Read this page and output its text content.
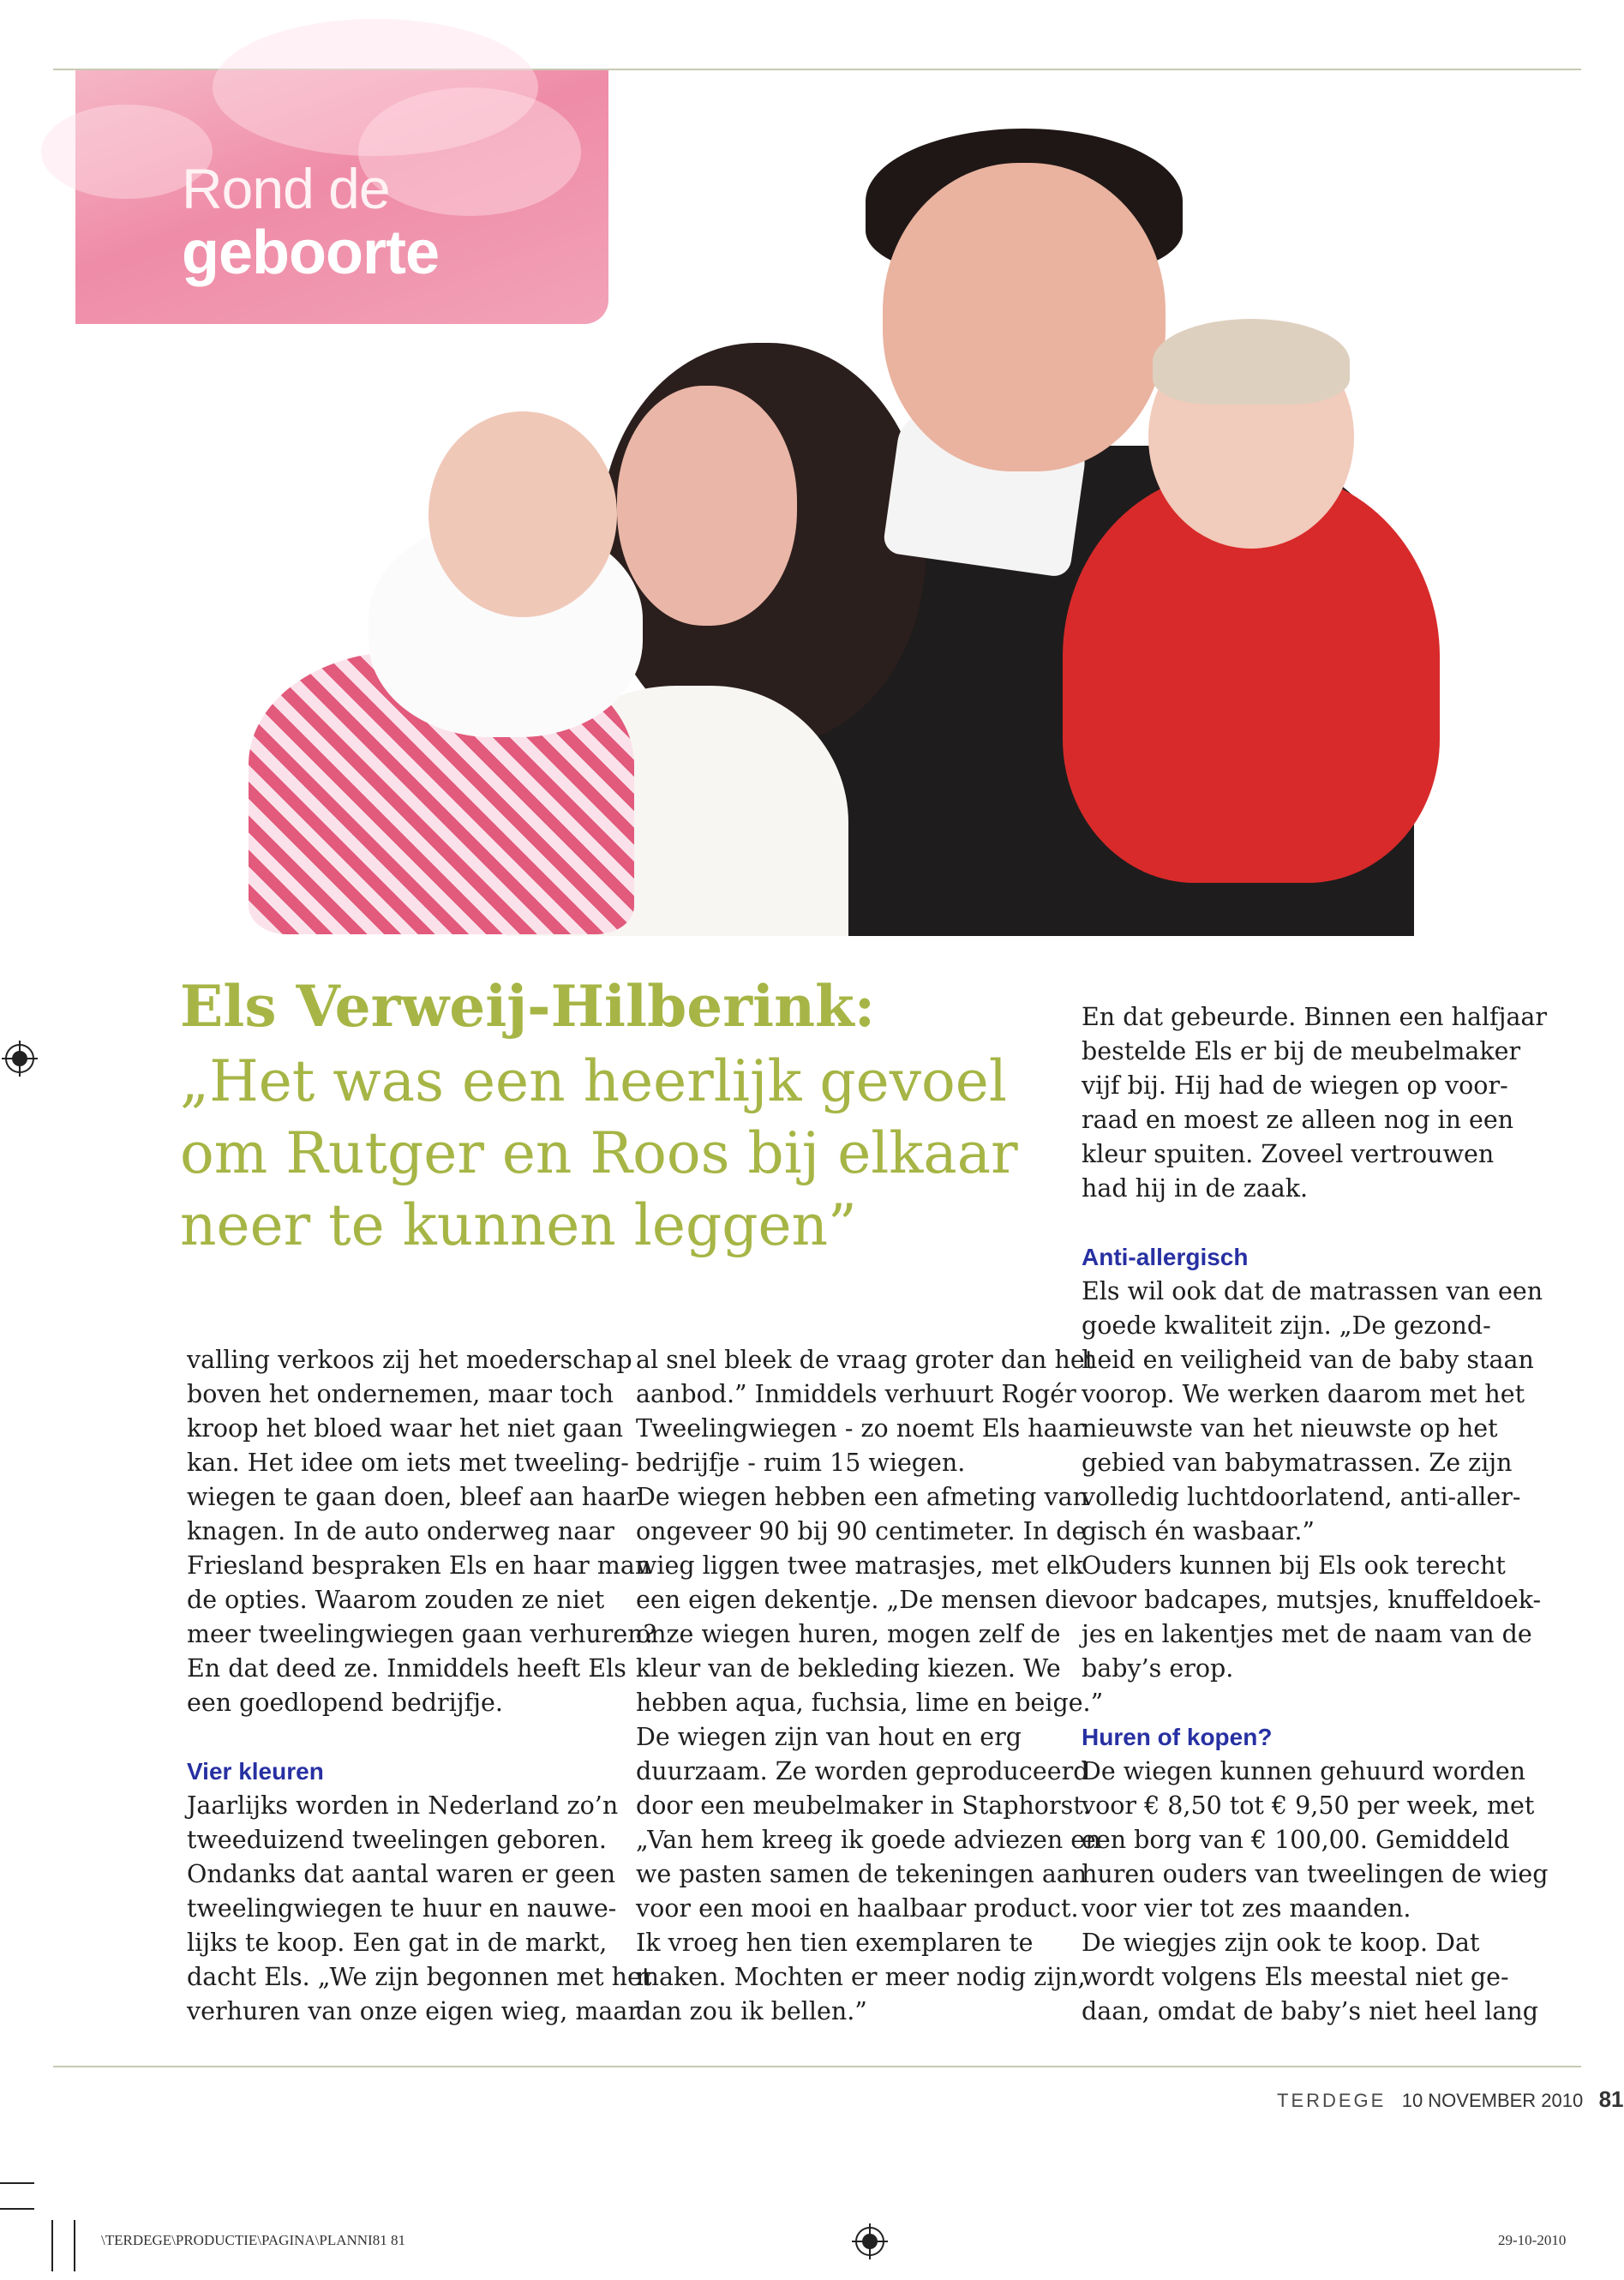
Rond de
geboorte
Els Verweij-Hilberink:
„Het was een heerlijk gevoel
om Rutger en Roos bij elkaar
neer te kunnen leggen”

valling verkoos zij het moederschap

boven het ondernemen, maar toch

kroop het bloed waar het niet gaan

kan. Het idee om iets met tweeling-

wiegen te gaan doen, bleef aan haar

knagen. In de auto onderweg naar

Friesland bespraken Els en haar man

de opties. Waarom zouden ze niet

meer tweelingwiegen gaan verhuren?

En dat deed ze. Inmiddels heeft Els

een goedlopend bedrijfje.

Vier kleuren

Jaarlijks worden in Nederland zo’n

tweeduizend tweelingen geboren.

Ondanks dat aantal waren er geen

tweelingwiegen te huur en nauwe-

lijks te koop. Een gat in de markt,

dacht Els. „We zijn begonnen met het

verhuren van onze eigen wieg, maar

al snel bleek de vraag groter dan het

aanbod.” Inmiddels verhuurt Rogér

Tweelingwiegen - zo noemt Els haar

bedrijfje - ruim 15 wiegen.

De wiegen hebben een afmeting van

ongeveer 90 bij 90 centimeter. In de

wieg liggen twee matrasjes, met elk

een eigen dekentje. „De mensen die

onze wiegen huren, mogen zelf de

kleur van de bekleding kiezen. We

hebben aqua, fuchsia, lime en beige.”

De wiegen zijn van hout en erg

duurzaam. Ze worden geproduceerd

door een meubelmaker in Staphorst.

„Van hem kreeg ik goede adviezen en

we pasten samen de tekeningen aan

voor een mooi en haalbaar product.

Ik vroeg hen tien exemplaren te

maken. Mochten er meer nodig zijn,

dan zou ik bellen.”

En dat gebeurde. Binnen een halfjaar

bestelde Els er bij de meubelmaker

vijf bij. Hij had de wiegen op voor-

raad en moest ze alleen nog in een

kleur spuiten. Zoveel vertrouwen

had hij in de zaak.

Anti-allergisch

Els wil ook dat de matrassen van een

goede kwaliteit zijn. „De gezond-

heid en veiligheid van de baby staan

voorop. We werken daarom met het

nieuwste van het nieuwste op het

gebied van babymatrassen. Ze zijn

volledig luchtdoorlatend, anti-aller-

gisch én wasbaar.”

Ouders kunnen bij Els ook terecht

voor badcapes, mutsjes, knuffeldoek-

jes en lakentjes met de naam van de

baby’s erop.

Huren of kopen?

De wiegen kunnen gehuurd worden

voor € 8,50 tot € 9,50 per week, met

een borg van € 100,00. Gemiddeld

huren ouders van tweelingen de wieg

voor vier tot zes maanden.

De wiegjes zijn ook te koop. Dat

wordt volgens Els meestal niet ge-

daan, omdat de baby’s niet heel lang

TERDEGE 10 NOVEMBER 2010 81
\TERDEGE\PRODUCTIE\PAGINA\PLANNI81 81	29-10-2010
